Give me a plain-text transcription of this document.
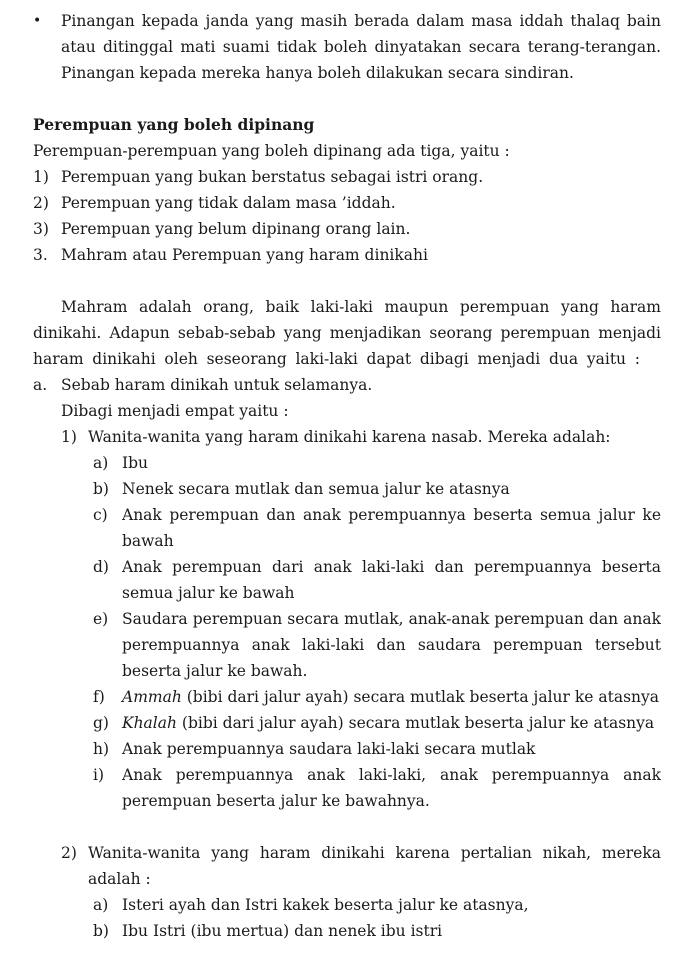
• Pinangan kepada janda yang masih berada dalam masa iddah thalaq bain
atau ditinggal mati suami tidak boleh dinyatakan secara terang-terangan.
Pinangan kepada mereka hanya boleh dilakukan secara sindiran.
Perempuan yang boleh dipinang
Perempuan-perempuan yang boleh dipinang ada tiga, yaitu :
1) Perempuan yang bukan berstatus sebagai istri orang.
2) Perempuan yang tidak dalam masa ’iddah.
3) Perempuan yang belum dipinang orang lain.
3. Mahram atau Perempuan yang haram dinikahi
Mahram adalah orang, baik laki-laki maupun perempuan yang haram
dinikahi. Adapun sebab-sebab yang menjadikan seorang perempuan menjadi
haram dinikahi oleh seseorang laki-laki dapat dibagi menjadi dua yaitu :
a. Sebab haram dinikah untuk selamanya.
Dibagi menjadi empat yaitu :
1) Wanita-wanita yang haram dinikahi karena nasab. Mereka adalah:
a) Ibu
b) Nenek secara mutlak dan semua jalur ke atasnya
c) Anak perempuan dan anak perempuannya beserta semua jalur ke
bawah
d) Anak perempuan dari anak laki-laki dan perempuannya beserta
semua jalur ke bawah
e) Saudara perempuan secara mutlak, anak-anak perempuan dan anak
perempuannya anak laki-laki dan saudara perempuan tersebut
beserta jalur ke bawah.
f) Ammah (bibi dari jalur ayah) secara mutlak beserta jalur ke atasnya
g) Khalah (bibi dari jalur ayah) secara mutlak beserta jalur ke atasnya
h) Anak perempuannya saudara laki-laki secara mutlak
i) Anak perempuannya anak laki-laki, anak perempuannya anak
perempuan beserta jalur ke bawahnya.
2) Wanita-wanita yang haram dinikahi karena pertalian nikah, mereka
adalah :
a) Isteri ayah dan Istri kakek beserta jalur ke atasnya,
b) Ibu Istri (ibu mertua) dan nenek ibu istri
